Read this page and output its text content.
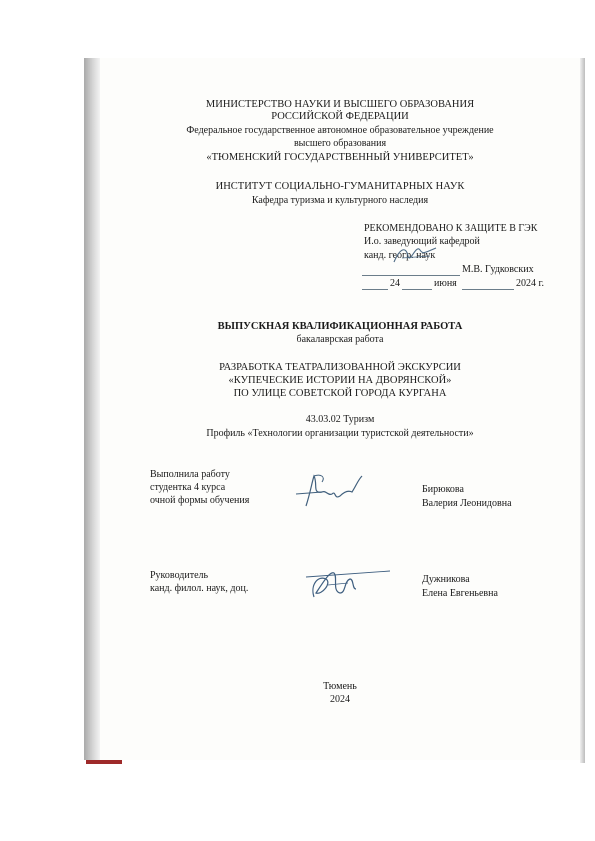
МИНИСТЕРСТВО НАУКИ И ВЫСШЕГО ОБРАЗОВАНИЯ
РОССИЙСКОЙ ФЕДЕРАЦИИ
Федеральное государственное автономное образовательное учреждение
высшего образования
«ТЮМЕНСКИЙ ГОСУДАРСТВЕННЫЙ УНИВЕРСИТЕТ»
ИНСТИТУТ СОЦИАЛЬНО-ГУМАНИТАРНЫХ НАУК
Кафедра туризма и культурного наследия
РЕКОМЕНДОВАНО К ЗАЩИТЕ В ГЭК
И.о. заведующий кафедрой
канд. геогр. наук
М.В. Гудковских
24	июня	2024 г.
ВЫПУСКНАЯ КВАЛИФИКАЦИОННАЯ РАБОТА
бакалаврская работа
РАЗРАБОТКА ТЕАТРАЛИЗОВАННОЙ ЭКСКУРСИИ
«КУПЕЧЕСКИЕ ИСТОРИИ НА ДВОРЯНСКОЙ»
ПО УЛИЦЕ СОВЕТСКОЙ ГОРОДА КУРГАНА
43.03.02 Туризм
Профиль «Технологии организации туристской деятельности»
Выполнила работу
студентка 4 курса
очной формы обучения
Бирюкова
Валерия Леонидовна
Руководитель
канд. филол. наук, доц.
Дужникова
Елена Евгеньевна
Тюмень
2024
